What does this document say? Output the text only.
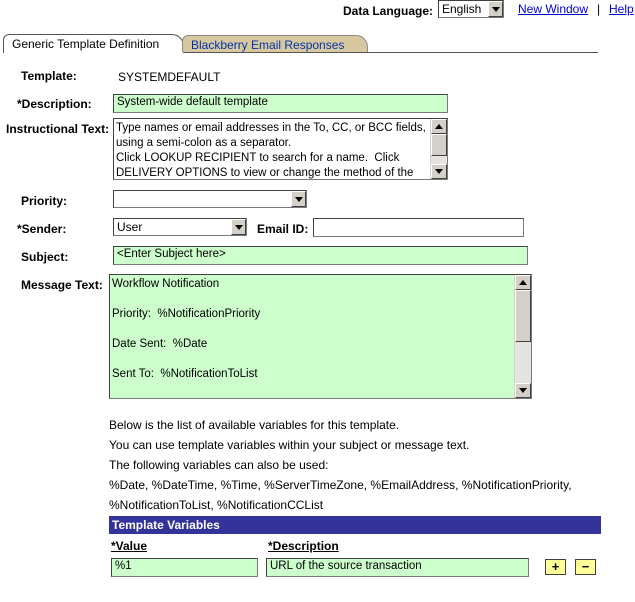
Data Language: English	New Window | Help
Generic Template Definition	Blackberry Email Responses
Template:	SYSTEMDEFAULT
*Description:	System-wide default template
Instructional Text: Type names or email addresses in the To, CC, or BCC fields, using a semi-colon as a separator.
Click LOOKUP RECIPIENT to search for a name.  Click DELIVERY OPTIONS to view or change the method of the
Priority:
*Sender:	User	Email ID:
Subject:	<Enter Subject here>
Message Text: Workflow Notification

Priority:  %NotificationPriority

Date Sent:  %Date

Sent To:  %NotificationToList
Below is the list of available variables for this template.
You can use template variables within your subject or message text.
The following variables can also be used:
%Date, %DateTime, %Time, %ServerTimeZone, %EmailAddress, %NotificationPriority,
%NotificationToList, %NotificationCCList
Template Variables
*Value	*Description
%1	URL of the source transaction	+	−
